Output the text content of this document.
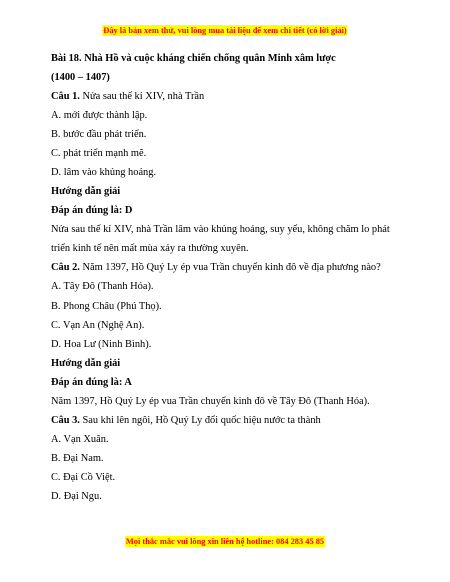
Đây là bản xem thử, vui lòng mua tài liệu để xem chi tiết (có lời giải)
Bài 18. Nhà Hồ và cuộc kháng chiến chống quân Minh xâm lược
(1400 – 1407)
Câu 1. Nửa sau thế kỉ XIV, nhà Trần
A. mới được thành lập.
B. bước đầu phát triển.
C. phát triển mạnh mẽ.
D. lâm vào khủng hoảng.
Hướng dẫn giải
Đáp án đúng là: D
Nửa sau thế kỉ XIV, nhà Trần lâm vào khủng hoảng, suy yếu, không chăm lo phát triển kinh tế nên mất mùa xảy ra thường xuyên.
Câu 2. Năm 1397, Hồ Quý Ly ép vua Trần chuyển kinh đô về địa phương nào?
A. Tây Đô (Thanh Hóa).
B. Phong Châu (Phú Thọ).
C. Vạn An (Nghệ An).
D. Hoa Lư (Ninh Bình).
Hướng dẫn giải
Đáp án đúng là: A
Năm 1397, Hồ Quý Ly ép vua Trần chuyển kinh đô về Tây Đô (Thanh Hóa).
Câu 3. Sau khi lên ngôi, Hồ Quý Ly đổi quốc hiệu nước ta thành
A. Vạn Xuân.
B. Đại Nam.
C. Đại Cồ Việt.
D. Đại Ngu.
Mọi thắc mắc vui lòng xin liên hệ hotline: 084 283 45 85
